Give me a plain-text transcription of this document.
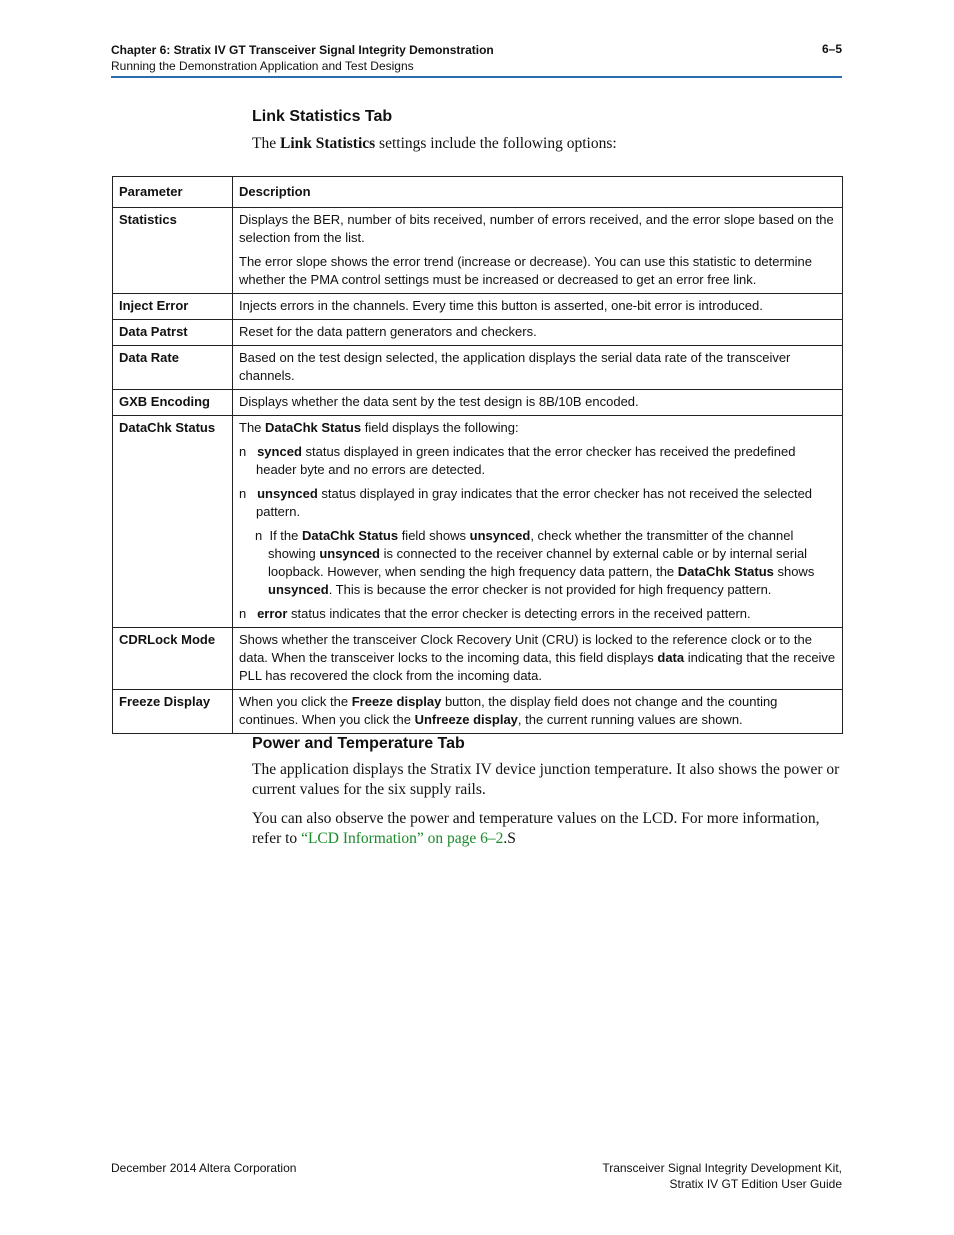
Chapter 6: Stratix IV GT Transceiver Signal Integrity Demonstration
Running the Demonstration Application and Test Designs
6–5
Link Statistics Tab

The Link Statistics settings include the following options:

Parameter	Description
Statistics	Displays the BER, number of bits received, number of errors received, and the error slope based on the selection from the list.

The error slope shows the error trend (increase or decrease). You can use this statistic to determine whether the PMA control settings must be increased or decreased to get an error free link.

Inject Error	Injects errors in the channels. Every time this button is asserted, one-bit error is introduced.
Data Patrst	Reset for the data pattern generators and checkers.
Data Rate	Based on the test design selected, the application displays the serial data rate of the transceiver channels.
GXB Encoding	Displays whether the data sent by the test design is 8B/10B encoded.
DataChk Status	The DataChk Status field displays the following:

n synced status displayed in green indicates that the error checker has received the predefined header byte and no errors are detected.

n unsynced status displayed in gray indicates that the error checker has not received the selected pattern.

n If the DataChk Status field shows unsynced, check whether the transmitter of the channel showing unsynced is connected to the receiver channel by external cable or by internal serial loopback. However, when sending the high frequency data pattern, the DataChk Status shows unsynced. This is because the error checker is not provided for high frequency pattern.

n error status indicates that the error checker is detecting errors in the received pattern.

CDRLock Mode	Shows whether the transceiver Clock Recovery Unit (CRU) is locked to the reference clock or to the data. When the transceiver locks to the incoming data, this field displays data indicating that the receive PLL has recovered the clock from the incoming data.
Freeze Display	When you click the Freeze display button, the display field does not change and the counting continues. When you click the Unfreeze display, the current running values are shown.
Power and Temperature Tab

The application displays the Stratix IV device junction temperature. It also shows the power or current values for the six supply rails.

You can also observe the power and temperature values on the LCD. For more information, refer to “LCD Information” on page 6–2.S

December 2014 Altera Corporation	Transceiver Signal Integrity Development Kit,
Stratix IV GT Edition User Guide
